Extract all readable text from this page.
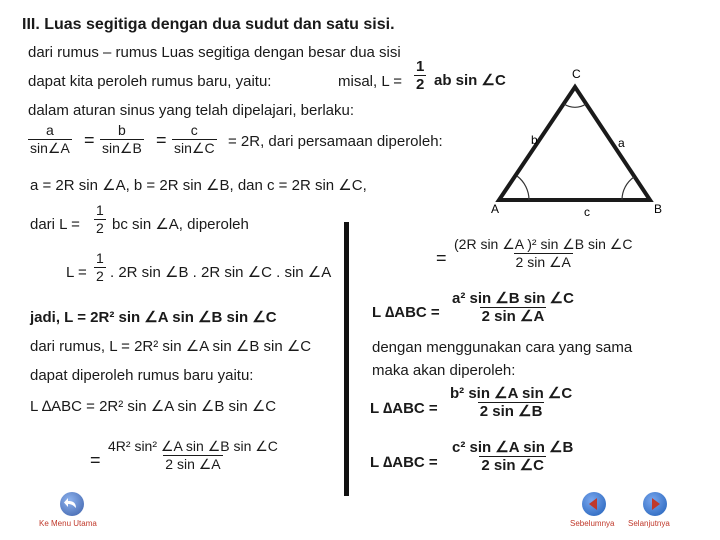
III. Luas segitiga dengan dua sudut dan satu sisi.
dari rumus – rumus Luas segitiga dengan besar dua sisi
dapat kita peroleh rumus baru, yaitu:	misal, $L = \frac{1}{2}$ ab sin ∠C
dalam aturan sinus yang telah dipelajari, berlaku:
$\frac{a}{\sin\angle A} = \frac{b}{\sin\angle B} = \frac{c}{\sin\angle C} = 2R$, dari persamaan diperoleh:
a = 2R sin ∠A, b = 2R sin ∠B, dan c = 2R sin ∠C,
dari $L = \frac{1}{2}$ bc sin ∠A, diperoleh
$L = \frac{1}{2}$ . 2R sin ∠B . 2R sin ∠C . sin ∠A
jadi, L = 2R² sin ∠A sin ∠B sin ∠C
dari rumus, L = 2R² sin ∠A sin ∠B sin ∠C
dapat diperoleh rumus baru yaitu:
L ∆ABC = 2R² sin ∠A sin ∠B sin ∠C
= $\frac{\text{4R² sin² ∠A sin ∠B sin ∠C}}{2 \sin \angle A}$
= $\frac{\text{(2R sin ∠A )² sin ∠B sin ∠C}}{2 \sin \angle A}$
L $\Delta ABC = \frac{\text{a² sin ∠B sin ∠C}}{2 \sin \angle A}$
dengan menggunakan cara yang sama
maka akan diperoleh:
L $\Delta ABC = \frac{\text{b² sin ∠A sin ∠C}}{2 \sin \angle B}$
L $\Delta ABC = \frac{\text{c² sin ∠A sin ∠B}}{2 \sin \angle C}$
C
b	a
A	c	B
Ke Menu Utama	Sebelumnya Selanjutnya
